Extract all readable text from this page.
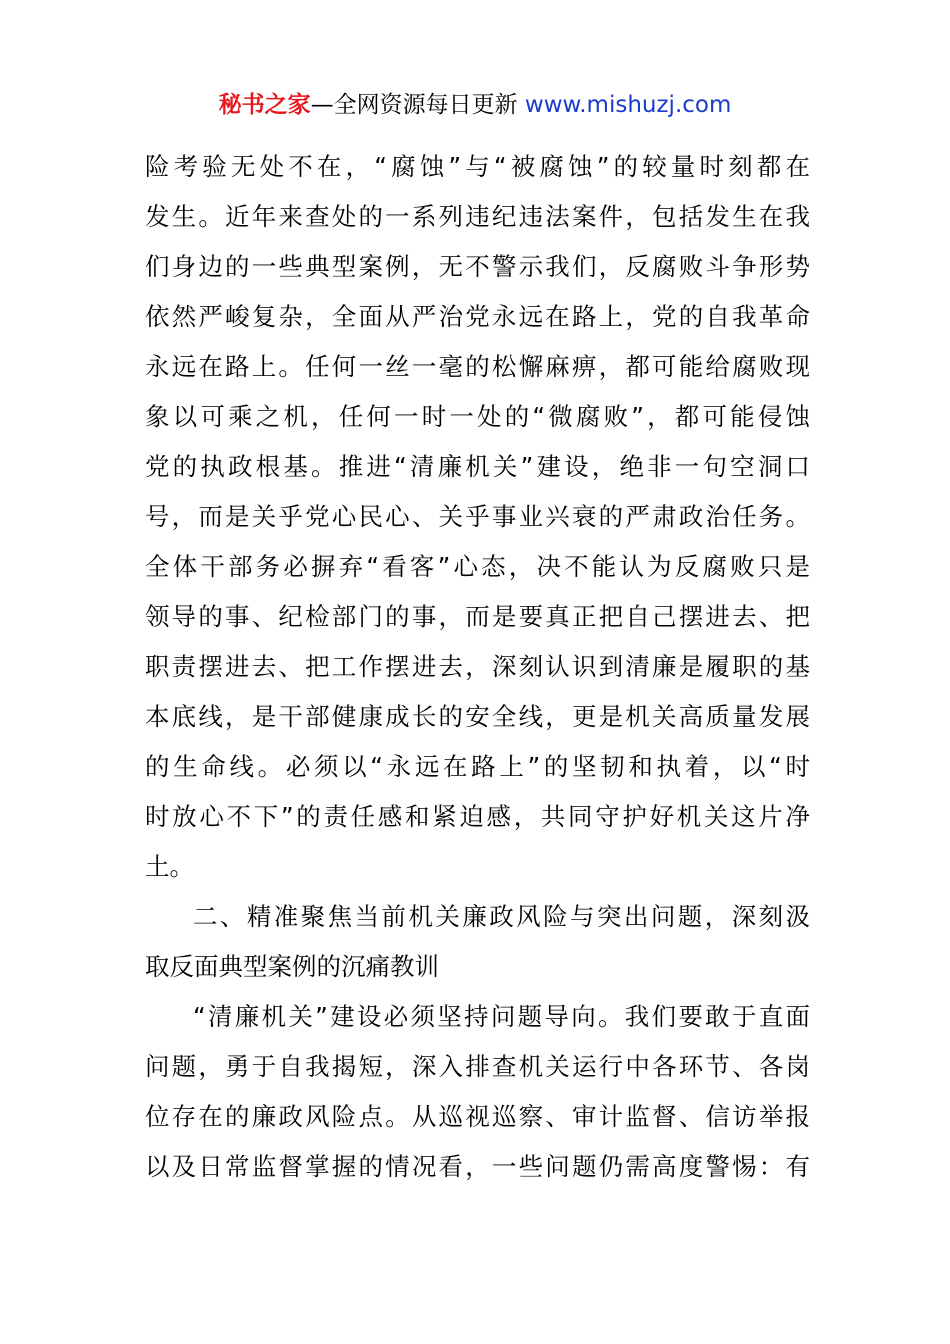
秘书之家—全网资源每日更新 www.mishuzj.com
险考验无处不在，“腐蚀”与“被腐蚀”的较量时刻都在
发生。近年来查处的一系列违纪违法案件，包括发生在我
们身边的一些典型案例，无不警示我们，反腐败斗争形势
依然严峻复杂，全面从严治党永远在路上，党的自我革命
永远在路上。任何一丝一毫的松懈麻痹，都可能给腐败现
象以可乘之机，任何一时一处的“微腐败”，都可能侵蚀
党的执政根基。推进“清廉机关”建设，绝非一句空洞口
号，而是关乎党心民心、关乎事业兴衰的严肃政治任务。
全体干部务必摒弃“看客”心态，决不能认为反腐败只是
领导的事、纪检部门的事，而是要真正把自己摆进去、把
职责摆进去、把工作摆进去，深刻认识到清廉是履职的基
本底线，是干部健康成长的安全线，更是机关高质量发展
的生命线。必须以“永远在路上”的坚韧和执着，以“时
时放心不下”的责任感和紧迫感，共同守护好机关这片净
土。
二、精准聚焦当前机关廉政风险与突出问题，深刻汲
取反面典型案例的沉痛教训
“清廉机关”建设必须坚持问题导向。我们要敢于直面
问题，勇于自我揭短，深入排查机关运行中各环节、各岗
位存在的廉政风险点。从巡视巡察、审计监督、信访举报
以及日常监督掌握的情况看，一些问题仍需高度警惕：有
